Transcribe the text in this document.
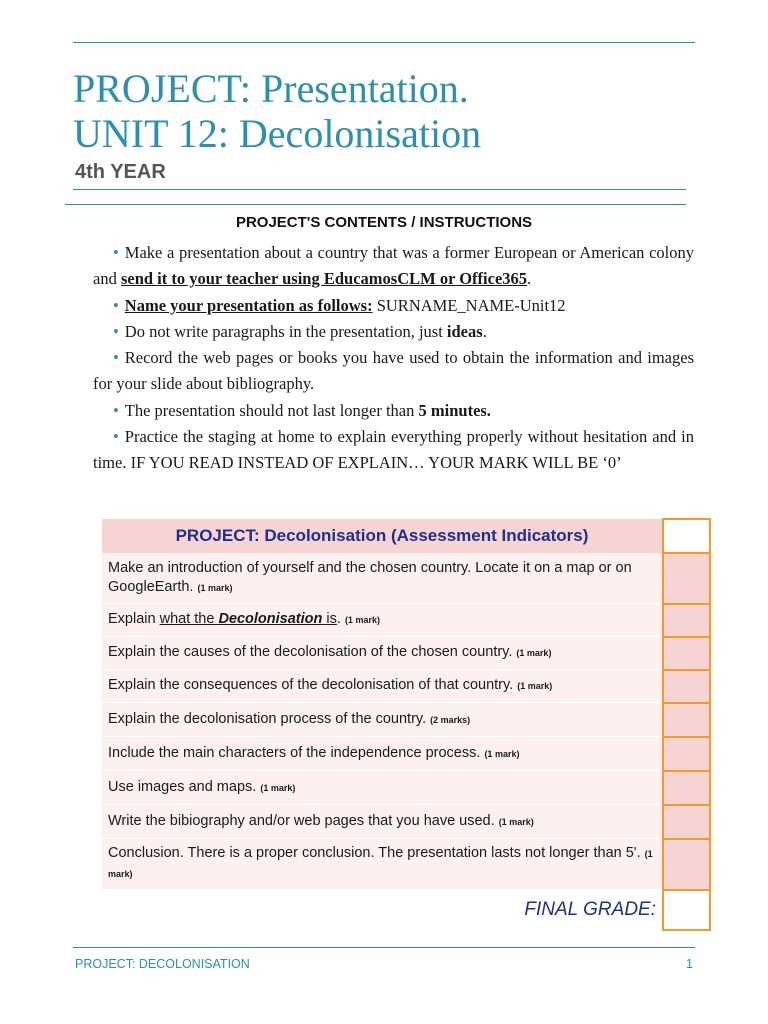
PROJECT: Presentation.
UNIT 12: Decolonisation
4th YEAR
PROJECT'S CONTENTS / INSTRUCTIONS
• Make a presentation about a country that was a former European or American colony and send it to your teacher using EducamosCLM or Office365.
• Name your presentation as follows: SURNAME_NAME-Unit12
• Do not write paragraphs in the presentation, just ideas.
• Record the web pages or books you have used to obtain the information and images for your slide about bibliography.
• The presentation should not last longer than 5 minutes.
• Practice the staging at home to explain everything properly without hesitation and in time. IF YOU READ INSTEAD OF EXPLAIN… YOUR MARK WILL BE ‘0’
PROJECT: Decolonisation (Assessment Indicators)	
Make an introduction of yourself and the chosen country. Locate it on a map or on GoogleEarth. (1 mark)	
Explain what the Decolonisation is. (1 mark)	
Explain the causes of the decolonisation of the chosen country. (1 mark)	
Explain the consequences of the decolonisation of that country. (1 mark)	
Explain the decolonisation process of the country. (2 marks)	
Include the main characters of the independence process. (1 mark)	
Use images and maps. (1 mark)	
Write the bibiography and/or web pages that you have used. (1 mark)	
Conclusion. There is a proper conclusion. The presentation lasts not longer than 5'. (1 mark)	
FINAL GRADE:	
PROJECT: DECOLONISATION	1
